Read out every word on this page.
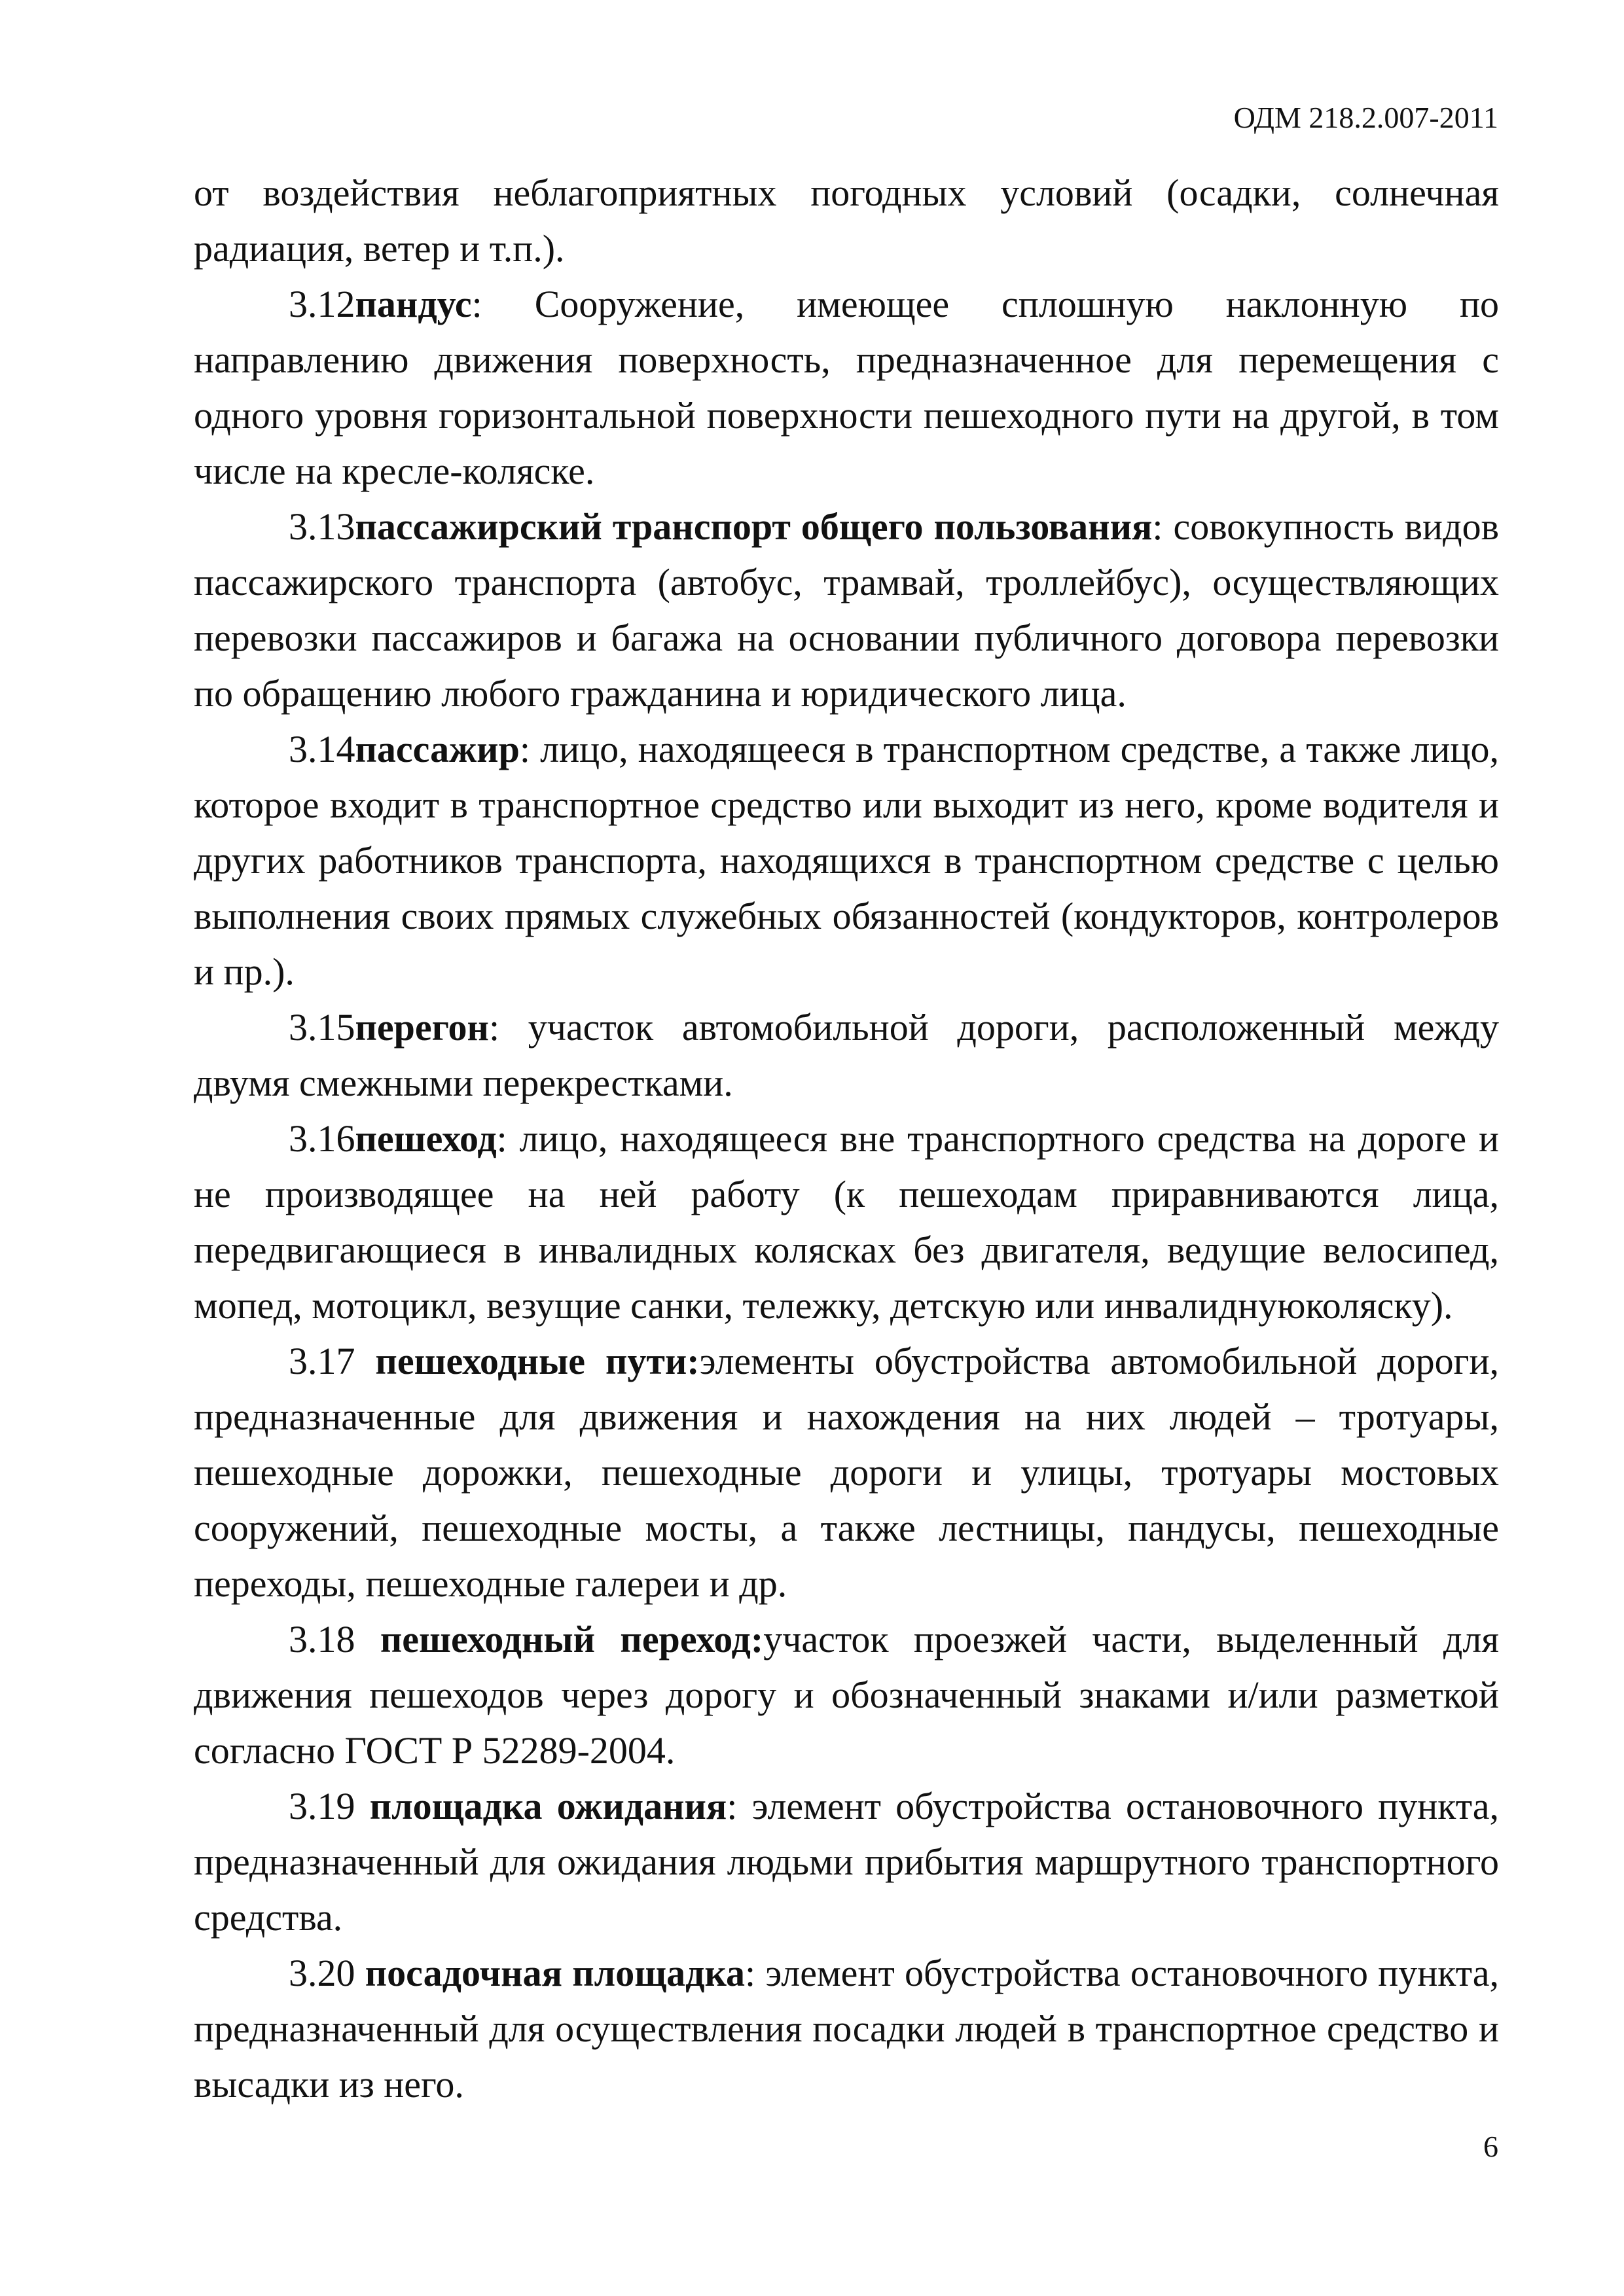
ОДМ 218.2.007-2011

от воздействия неблагоприятных погодных условий (осадки, солнечная радиация, ветер и т.п.).

3.12пандус: Сооружение, имеющее сплошную наклонную по направлению движения поверхность, предназначенное для перемещения с одного уровня горизонтальной поверхности пешеходного пути на другой, в том числе на кресле-коляске.

3.13пассажирский транспорт общего пользования: совокупность видов пассажирского транспорта (автобус, трамвай, троллейбус), осуществляющих перевозки пассажиров и багажа на основании публичного договора перевозки по обращению любого гражданина и юридического лица.

3.14пассажир: лицо, находящееся в транспортном средстве, а также лицо, которое входит в транспортное средство или выходит из него, кроме водителя и других работников транспорта, находящихся в транспортном средстве с целью выполнения своих прямых служебных обязанностей (кондукторов, контролеров и пр.).

3.15перегон: участок автомобильной дороги, расположенный между двумя смежными перекрестками.

3.16пешеход: лицо, находящееся вне транспортного средства на дороге и не производящее на ней работу (к пешеходам приравниваются лица, передвигающиеся в инвалидных колясках без двигателя, ведущие велосипед, мопед, мотоцикл, везущие санки, тележку, детскую или инвалиднуюколяску).

3.17 пешеходные пути:элементы обустройства автомобильной дороги, предназначенные для движения и нахождения на них людей – тротуары, пешеходные дорожки, пешеходные дороги и улицы, тротуары мостовых сооружений, пешеходные мосты, а также лестницы, пандусы, пешеходные переходы, пешеходные галереи и др.

3.18 пешеходный переход:участок проезжей части, выделенный для движения пешеходов через дорогу и обозначенный знаками и/или разметкой согласно ГОСТ Р 52289-2004.

3.19 площадка ожидания: элемент обустройства остановочного пункта, предназначенный для ожидания людьми прибытия маршрутного транспортного средства.

3.20 посадочная площадка: элемент обустройства остановочного пункта, предназначенный для осуществления посадки людей в транспортное средство и высадки из него.

6
